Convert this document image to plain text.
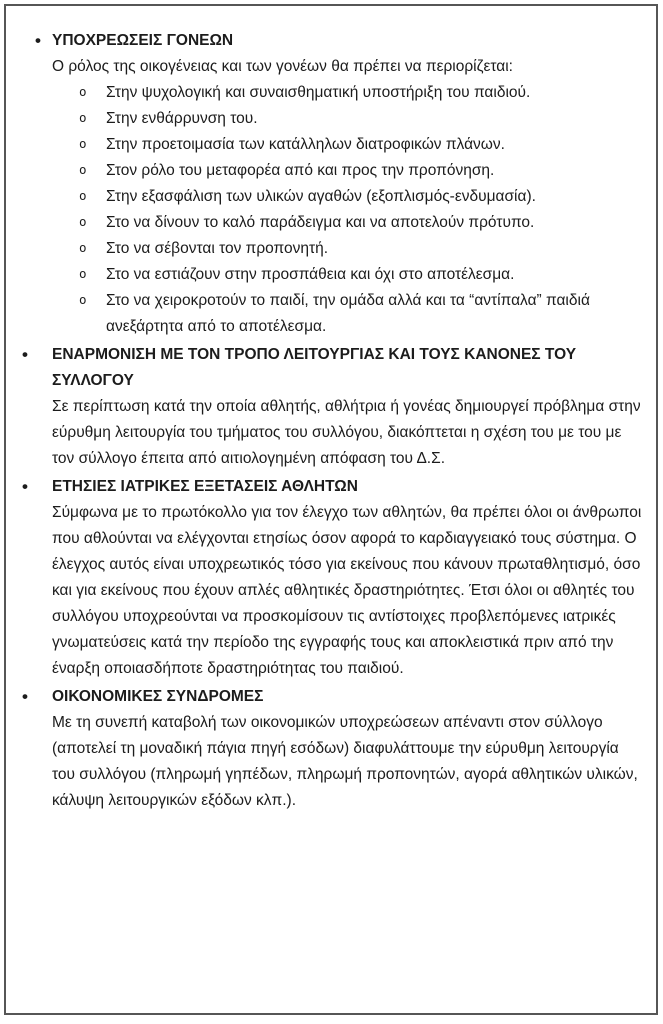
• ΥΠΟΧΡΕΩΣΕΙΣ ΓΟΝΕΩΝ

Ο ρόλος της οικογένειας και των γονέων θα πρέπει να περιορίζεται:

o Στην ψυχολογική και συναισθηματική υποστήριξη του παιδιού.
o Στην ενθάρρυνση του.
o Στην προετοιμασία των κατάλληλων διατροφικών πλάνων.
o Στον ρόλο του μεταφορέα από και προς την προπόνηση.
o Στην εξασφάλιση των υλικών αγαθών (εξοπλισμός-ενδυμασία).
o Στο να δίνουν το καλό παράδειγμα και να αποτελούν πρότυπο.
o Στο να σέβονται τον προπονητή.
o Στο να εστιάζουν στην προσπάθεια και όχι στο αποτέλεσμα.
o Στο να χειροκροτούν το παιδί, την ομάδα αλλά και τα “αντίπαλα” παιδιά ανεξάρτητα από το αποτέλεσμα.
• ΕΝΑΡΜΟΝΙΣΗ ΜΕ ΤΟΝ ΤΡΟΠΟ ΛΕΙΤΟΥΡΓΙΑΣ ΚΑΙ ΤΟΥΣ ΚΑΝΟΝΕΣ ΤΟΥ ΣΥΛΛΟΓΟΥ

Σε περίπτωση κατά την οποία αθλητής, αθλήτρια ή γονέας δημιουργεί πρόβλημα στην εύρυθμη λειτουργία του τμήματος του συλλόγου, διακόπτεται η σχέση του με του με τον σύλλογο έπειτα από αιτιολογημένη απόφαση του Δ.Σ.

• ΕΤΗΣΙΕΣ ΙΑΤΡΙΚΕΣ ΕΞΕΤΑΣΕΙΣ ΑΘΛΗΤΩΝ

Σύμφωνα με το πρωτόκολλο για τον έλεγχο των αθλητών, θα πρέπει όλοι οι άνθρωποι που αθλούνται να ελέγχονται ετησίως όσον αφορά το καρδιαγγειακό τους σύστημα. Ο έλεγχος αυτός είναι υποχρεωτικός τόσο για εκείνους που κάνουν πρωταθλητισμό, όσο και για εκείνους που έχουν απλές αθλητικές δραστηριότητες. Έτσι όλοι οι αθλητές του συλλόγου υποχρεούνται να προσκομίσουν τις αντίστοιχες προβλεπόμενες ιατρικές γνωματεύσεις κατά την περίοδο της εγγραφής τους και αποκλειστικά πριν από την έναρξη οποιασδήποτε δραστηριότητας του παιδιού.

• ΟΙΚΟΝΟΜΙΚΕΣ ΣΥΝΔΡΟΜΕΣ

Με τη συνεπή καταβολή των οικονομικών υποχρεώσεων απέναντι στον σύλλογο (αποτελεί τη μοναδική πάγια πηγή εσόδων) διαφυλάττουμε την εύρυθμη λειτουργία του συλλόγου (πληρωμή γηπέδων, πληρωμή προπονητών, αγορά αθλητικών υλικών, κάλυψη λειτουργικών εξόδων κλπ.).
